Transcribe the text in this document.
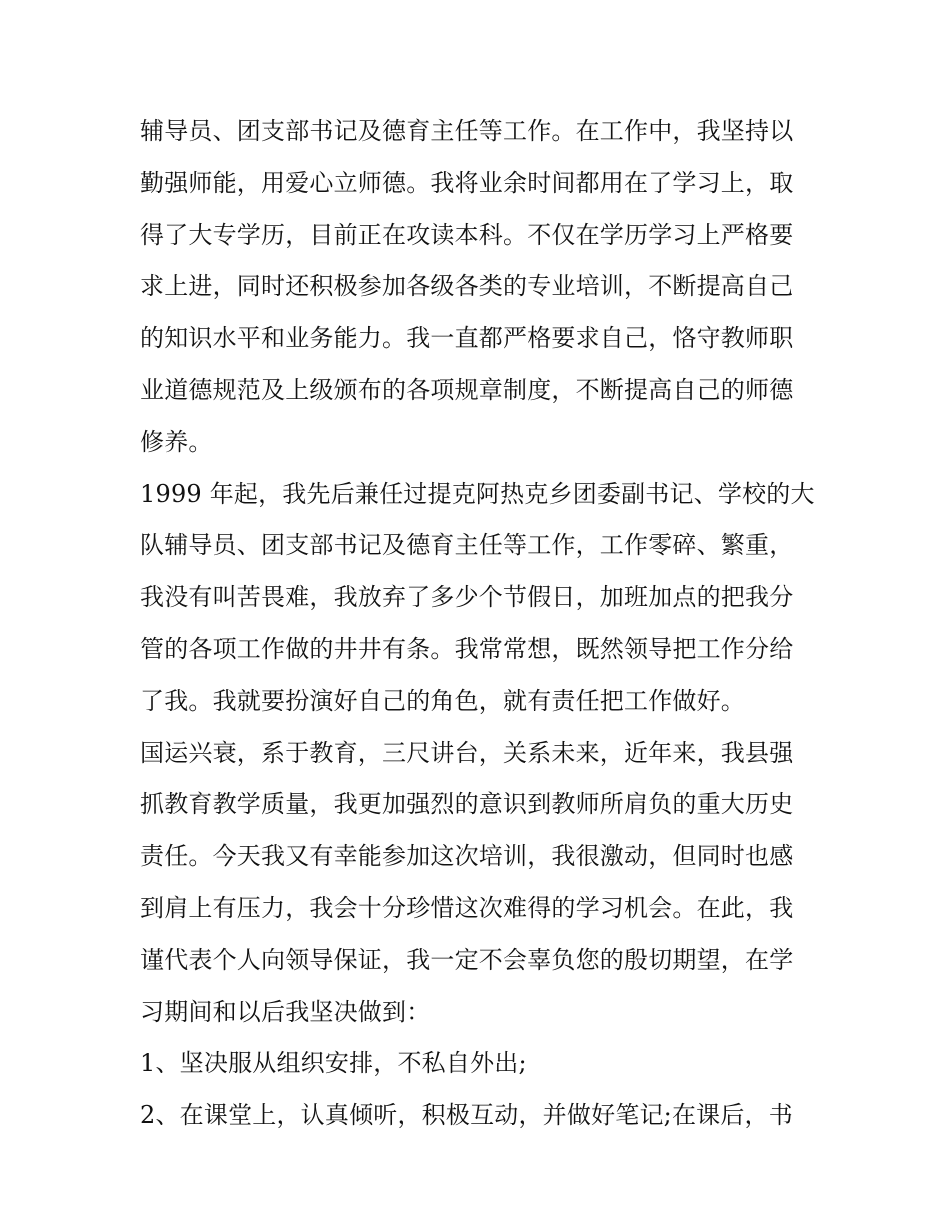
辅导员、团支部书记及德育主任等工作。在工作中，我坚持以
勤强师能，用爱心立师德。我将业余时间都用在了学习上，取
得了大专学历，目前正在攻读本科。不仅在学历学习上严格要
求上进，同时还积极参加各级各类的专业培训，不断提高自己
的知识水平和业务能力。我一直都严格要求自己，恪守教师职
业道德规范及上级颁布的各项规章制度，不断提高自己的师德
修养。
1999 年起，我先后兼任过提克阿热克乡团委副书记、学校的大
队辅导员、团支部书记及德育主任等工作，工作零碎、繁重，
我没有叫苦畏难，我放弃了多少个节假日，加班加点的把我分
管的各项工作做的井井有条。我常常想，既然领导把工作分给
了我。我就要扮演好自己的角色，就有责任把工作做好。
国运兴衰，系于教育，三尺讲台，关系未来，近年来，我县强
抓教育教学质量，我更加强烈的意识到教师所肩负的重大历史
责任。今天我又有幸能参加这次培训，我很激动，但同时也感
到肩上有压力，我会十分珍惜这次难得的学习机会。在此，我
谨代表个人向领导保证，我一定不会辜负您的殷切期望，在学
习期间和以后我坚决做到：
1、坚决服从组织安排，不私自外出;
2、在课堂上，认真倾听，积极互动，并做好笔记;在课后，书
